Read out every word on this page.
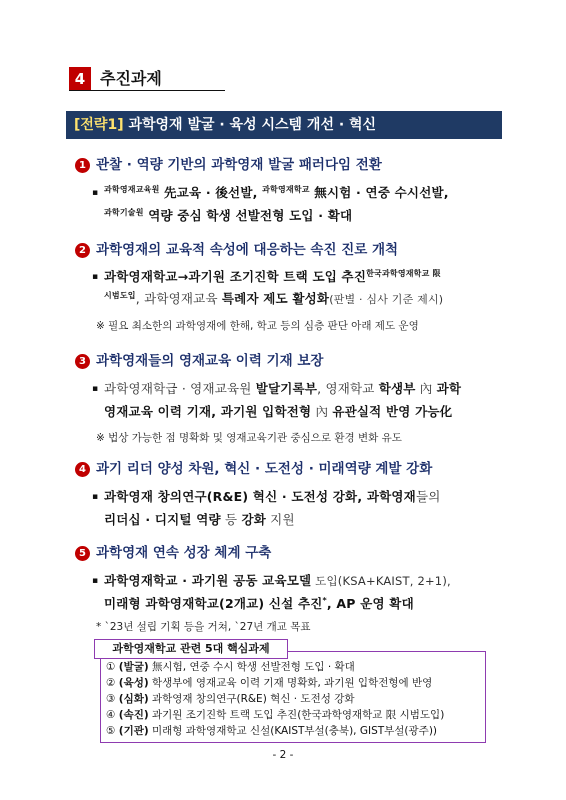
4 추진과제
[전략1] 과학영재 발굴 · 육성 시스템 개선 · 혁신
1 관찰 · 역량 기반의 과학영재 발굴 패러다임 전환
▪ $^{과학영재교육원}$ 先교육 · 後선발, $^{과학영재학교}$ 無시험 · 연중 수시선발,
$^{과학기술원}$ 역량 중심 학생 선발전형 도입 · 확대
2 과학영재의 교육적 속성에 대응하는 속진 진로 개척
▪ 과학영재학교→과기원 조기진학 트랙 도입 추진$^{한국과학영재학교 限}$
$^{시범도입}$, 과학영재교육 특례자 제도 활성화(판별 · 심사 기준 제시)
※ 필요 최소한의 과학영재에 한해, 학교 등의 심층 판단 아래 제도 운영
3 과학영재들의 영재교육 이력 기재 보장
▪ 과학영재학급 · 영재교육원 발달기록부, 영재학교 학생부 內 과학
영재교육 이력 기재, 과기원 입학전형 內 유관실적 반영 가능化
※ 법상 가능한 점 명확화 및 영재교육기관 중심으로 환경 변화 유도
4 과기 리더 양성 차원, 혁신 · 도전성 · 미래역량 계발 강화
▪ 과학영재 창의연구(R&E) 혁신 · 도전성 강화, 과학영재들의
리더십 · 디지털 역량 등 강화 지원
5 과학영재 연속 성장 체계 구축
▪ 과학영재학교 · 과기원 공동 교육모델 도입(KSA+KAIST, 2+1),
미래형 과학영재학교(2개교) 신설 추진*, AP 운영 확대
* `23년 설립 기획 등을 거쳐, `27년 개교 목표
과학영재학교 관련 5대 핵심과제
① (발굴) 無시험, 연중 수시 학생 선발전형 도입 · 확대
② (육성) 학생부에 영재교육 이력 기재 명확화, 과기원 입학전형에 반영
③ (심화) 과학영재 창의연구(R&E) 혁신 · 도전성 강화
④ (속진) 과기원 조기진학 트랙 도입 추진(한국과학영재학교 限 시범도입)
⑤ (기관) 미래형 과학영재학교 신설(KAIST부설(충북), GIST부설(광주))
- 2 -
